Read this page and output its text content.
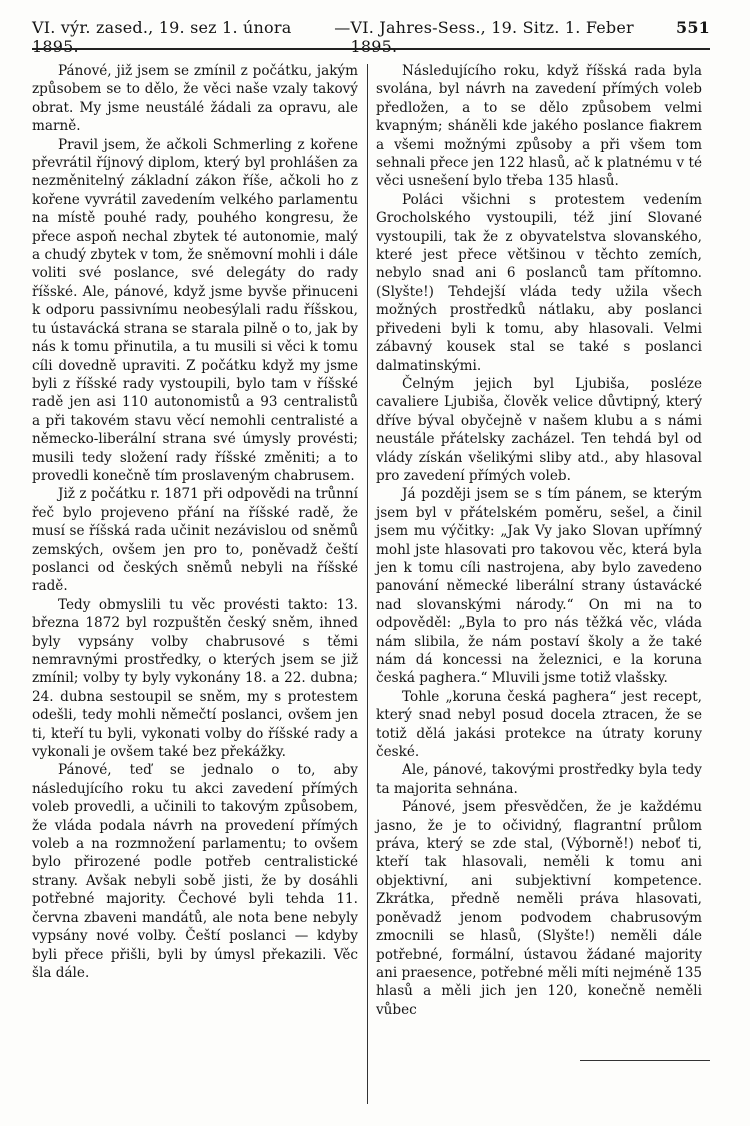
VI. výr. zased., 19. sez 1. února 1895.
— VI. Jahres-Sess., 19. Sitz. 1. Feber 1895.
551

Pánové, již jsem se zmínil z počátku, jakým způsobem se to dělo, že věci naše vzaly takový obrat. My jsme neustálé žádali za opravu, ale marně.

Pravil jsem, že ačkoli Schmerling z kořene převrátil říjnový diplom, který byl prohlášen za nezměnitelný základní zákon říše, ačkoli ho z kořene vyvrátil zavedením velkého parlamentu na místě pouhé rady, pouhého kongresu, že přece aspoň nechal zbytek té autonomie, malý a chudý zbytek v tom, že sněmovní mohli i dále voliti své poslance, své delegáty do rady říšské. Ale, pánové, když jsme byvše přinuceni k odporu passivnímu neobesýlali radu říšskou, tu ústavácká strana se starala pilně o to, jak by nás k tomu přinutila, a tu musili si věci k tomu cíli dovedně upraviti. Z počátku když my jsme byli z říšské rady vystoupili, bylo tam v říšské radě jen asi 110 autonomistů a 93 centralistů a při takovém stavu věcí nemohli centralisté a německo-liberální strana své úmysly provésti; musili tedy složení rady říšské změniti; a to provedli konečně tím proslaveným chabrusem.

Již z počátku r. 1871 při odpovědi na trůnní řeč bylo projeveno přání na říšské radě, že musí se říšská rada učinit nezávislou od sněmů zemských, ovšem jen pro to, poněvadž čeští poslanci od českých sněmů nebyli na říšské radě.

Tedy obmyslili tu věc provésti takto: 13. března 1872 byl rozpuštěn český sněm, ihned byly vypsány volby chabrusové s těmi nemravnými prostředky, o kterých jsem se již zmínil; volby ty byly vykonány 18. a 22. dubna; 24. dubna sestoupil se sněm, my s protestem odešli, tedy mohli němečtí poslanci, ovšem jen ti, kteří tu byli, vykonati volby do říšské rady a vykonali je ovšem také bez překážky.

Pánové, teď se jednalo o to, aby následujícího roku tu akci zavedení přímých voleb provedli, a učinili to takovým způsobem, že vláda podala návrh na provedení přímých voleb a na rozmnožení parlamentu; to ovšem bylo přirozené podle potřeb centralistické strany. Avšak nebyli sobě jisti, že by dosáhli potřebné majority. Čechové byli tehda 11. června zbaveni mandátů, ale nota bene nebyly vypsány nové volby. Čeští poslanci — kdyby byli přece přišli, byli by úmysl překazili. Věc šla dále.

Následujícího roku, když říšská rada byla svolána, byl návrh na zavedení přímých voleb předložen, a to se dělo způsobem velmi kvapným; sháněli kde jakého poslance fiakrem a všemi možnými způsoby a při všem tom sehnali přece jen 122 hlasů, ač k platnému v té věci usnešení bylo třeba 135 hlasů.

Poláci všichni s protestem vedením Grocholského vystoupili, též jiní Slované vystoupili, tak že z obyvatelstva slovanského, které jest přece většinou v těchto zemích, nebylo snad ani 6 poslanců tam přítomno. (Slyšte!) Tehdejší vláda tedy užila všech možných prostředků nátlaku, aby poslanci přivedeni byli k tomu, aby hlasovali. Velmi zábavný kousek stal se také s poslanci dalmatinskými.

Čelným jejich byl Ljubiša, posléze cavaliere Ljubiša, člověk velice důvtipný, který dříve býval obyčejně v našem klubu a s námi neustále přátelsky zacházel. Ten tehdá byl od vlády získán všelikými sliby atd., aby hlasoval pro zavedení přímých voleb.

Já později jsem se s tím pánem, se kterým jsem byl v přátelském poměru, sešel, a činil jsem mu výčitky: „Jak Vy jako Slovan upřímný mohl jste hlasovati pro takovou věc, která byla jen k tomu cíli nastrojena, aby bylo zavedeno panování německé liberální strany ústavácké nad slovanskými národy.“ On mi na to odpověděl: „Byla to pro nás těžká věc, vláda nám slibila, že nám postaví školy a že také nám dá koncessi na železnici, e la koruna česká paghera.“ Mluvili jsme totiž vlašsky.

Tohle „koruna česká paghera“ jest recept, který snad nebyl posud docela ztracen, že se totiž dělá jakási protekce na útraty koruny české.

Ale, pánové, takovými prostředky byla tedy ta majorita sehnána.

Pánové, jsem přesvědčen, že je každému jasno, že je to očividný, flagrantní průlom práva, který se zde stal, (Výborně!) neboť ti, kteří tak hlasovali, neměli k tomu ani objektivní, ani subjektivní kompetence. Zkrátka, předně neměli práva hlasovati, poněvadž jenom podvodem chabrusovým zmocnili se hlasů, (Slyšte!) neměli dále potřebné, formální, ústavou žádané majority ani praesence, potřebné měli míti nejméně 135 hlasů a měli jich jen 120, konečně neměli vůbec
